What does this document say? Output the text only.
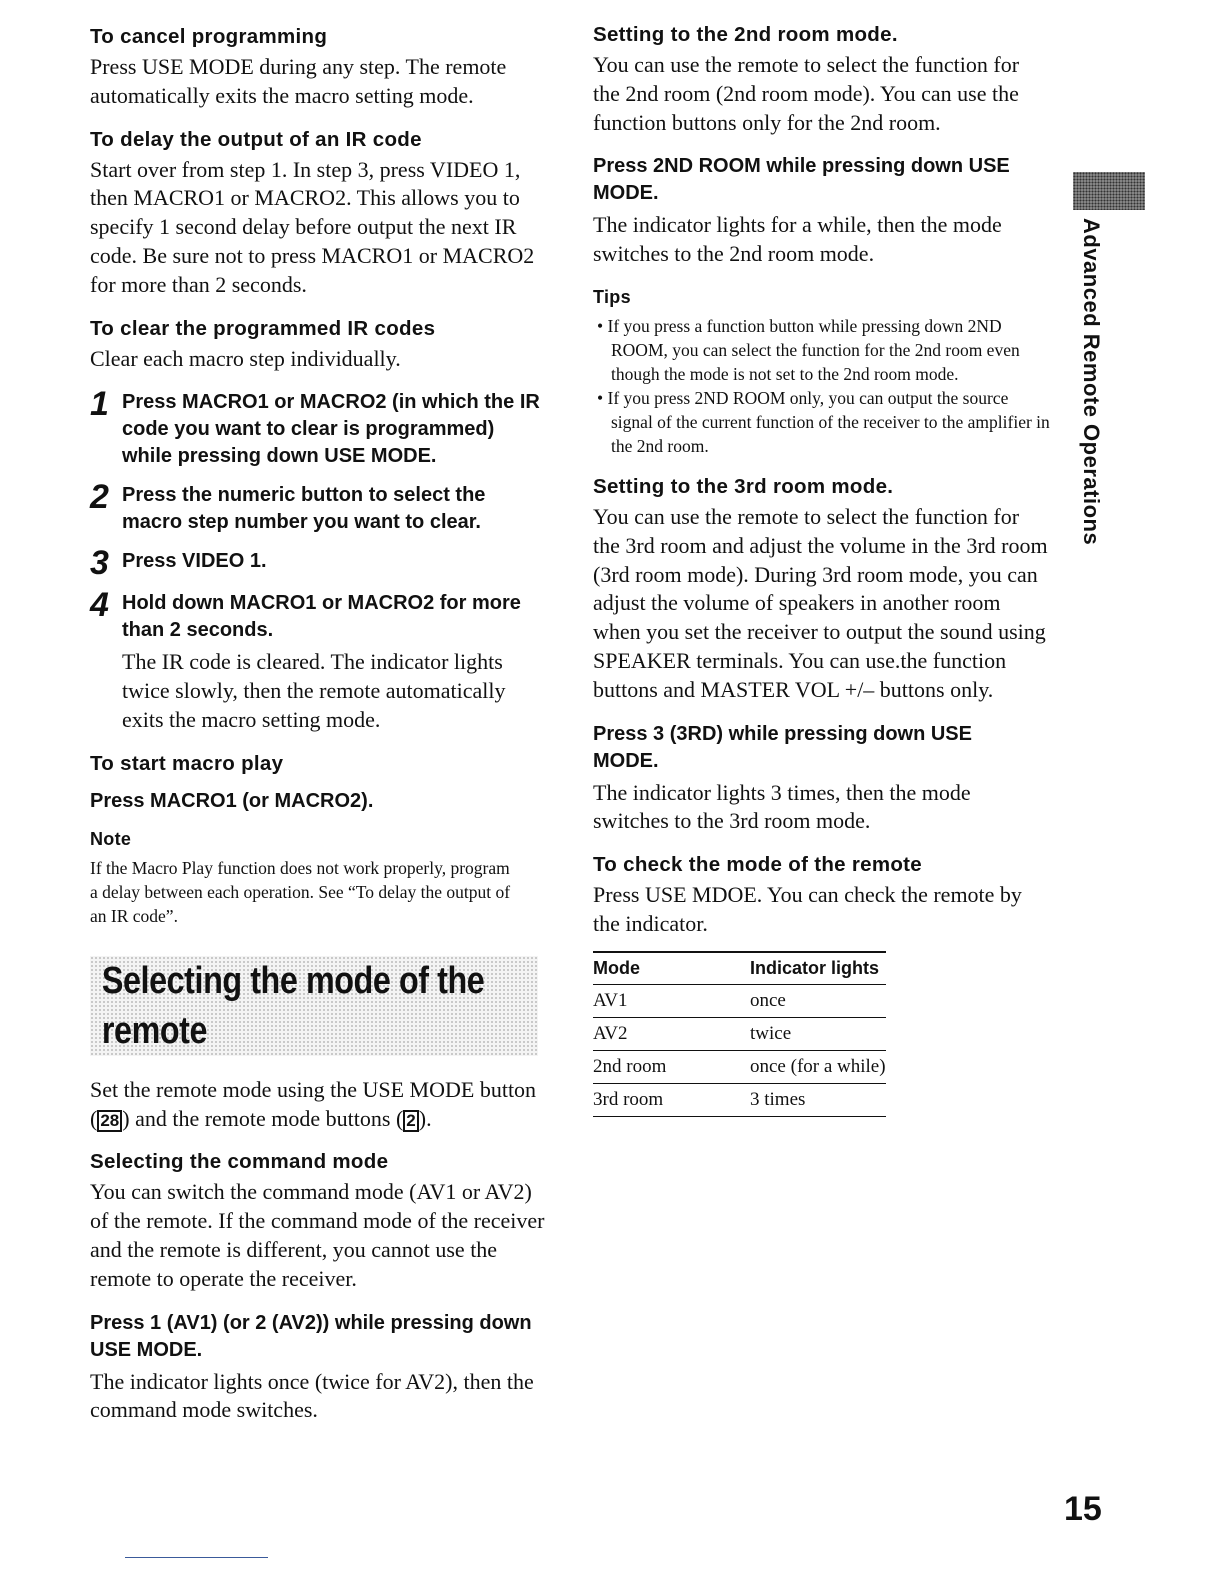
To cancel programming
Press USE MODE during any step. The remote automatically exits the macro setting mode.
To delay the output of an IR code
Start over from step 1. In step 3, press VIDEO 1, then MACRO1 or MACRO2. This allows you to specify 1 second delay before output the next IR code. Be sure not to press MACRO1 or MACRO2 for more than 2 seconds.
To clear the programmed IR codes
Clear each macro step individually.
1 Press MACRO1 or MACRO2 (in which the IR code you want to clear is programmed) while pressing down USE MODE.
2 Press the numeric button to select the macro step number you want to clear.
3 Press VIDEO 1.
4 Hold down MACRO1 or MACRO2 for more than 2 seconds.
The IR code is cleared. The indicator lights twice slowly, then the remote automatically exits the macro setting mode.
To start macro play
Press MACRO1 (or MACRO2).
Note
If the Macro Play function does not work properly, program a delay between each operation. See “To delay the output of an IR code”.
Selecting the mode of the
remote
Set the remote mode using the USE MODE button ( 28 ) and the remote mode buttons ( 2 ).
Selecting the command mode
You can switch the command mode (AV1 or AV2) of the remote. If the command mode of the receiver and the remote is different, you cannot use the remote to operate the receiver.
Press 1 (AV1) (or 2 (AV2)) while pressing down USE MODE.
The indicator lights once (twice for AV2), then the command mode switches.
Setting to the 2nd room mode.
You can use the remote to select the function for the 2nd room (2nd room mode). You can use the function buttons only for the 2nd room.
Press 2ND ROOM while pressing down USE MODE.
The indicator lights for a while, then the mode switches to the 2nd room mode.
Tips
• If you press a function button while pressing down 2ND ROOM, you can select the function for the 2nd room even though the mode is not set to the 2nd room mode.
• If you press 2ND ROOM only, you can output the source signal of the current function of the receiver to the amplifier in the 2nd room.
Setting to the 3rd room mode.
You can use the remote to select the function for the 3rd room and adjust the volume in the 3rd room (3rd room mode). During 3rd room mode, you can adjust the volume of speakers in another room when you set the receiver to output the sound using SPEAKER terminals. You can use.the function buttons and MASTER VOL +/– buttons only.
Press 3 (3RD) while pressing down USE MODE.
The indicator lights 3 times, then the mode switches to the 3rd room mode.
To check the mode of the remote
Press USE MDOE. You can check the remote by the indicator.
Mode	Indicator lights
AV1	once
AV2	twice
2nd room	once (for a while)
3rd room	3 times
Advanced Remote Operations
15
